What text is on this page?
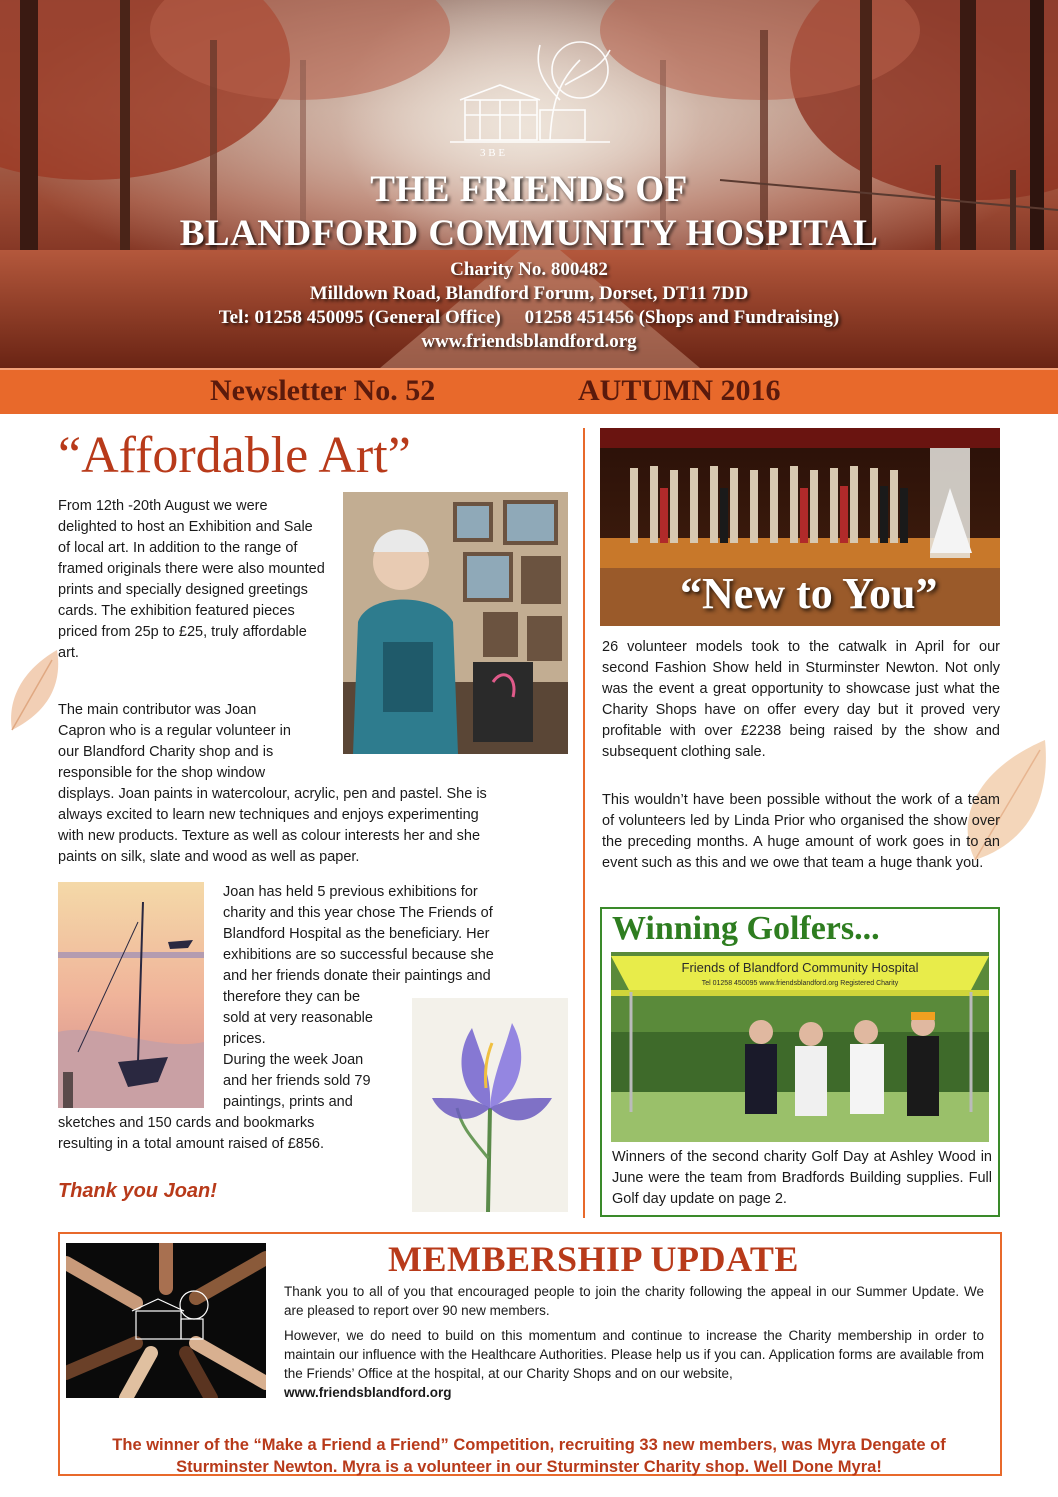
3 B E
THE FRIENDS OF
BLANDFORD COMMUNITY HOSPITAL
Charity No. 800482
Milldown Road, Blandford Forum, Dorset, DT11 7DD
Tel: 01258 450095 (General Office)     01258 451456 (Shops and Fundraising)
www.friendsblandford.org
Newsletter No. 52	AUTUMN 2016
“Affordable Art”
From 12th -20th August we were delighted to host an Exhibition and Sale of local art. In addition to the range of framed originals there were also mounted prints and specially designed greetings cards. The exhibition featured pieces priced from 25p to £25, truly affordable art.
The main contributor was Joan
Capron who is a regular volunteer in
our Blandford Charity shop and is
responsible for the shop window
displays. Joan paints in watercolour, acrylic, pen and pastel. She is
always excited to learn new techniques and enjoys experimenting
with new products. Texture as well as colour interests her and she
paints on silk, slate and wood as well as paper.
Joan has held 5 previous exhibitions for
charity and this year chose The Friends of
Blandford Hospital as the beneficiary. Her
exhibitions are so successful because she
and her friends donate their paintings and
therefore they can be
sold at very reasonable
prices.
During the week Joan
and her friends sold 79
paintings, prints and
sketches and 150 cards and bookmarks
resulting in a total amount raised of £856.
Thank you Joan!
“New to You”
26 volunteer models took to the catwalk in April for our second Fashion Show held in Sturminster Newton. Not only was the event a great opportunity to showcase just what the Charity Shops have on offer every day but it proved very profitable with over £2238 being raised by the show and subsequent clothing sale.
This wouldn’t have been possible without the work of a team of volunteers led by Linda Prior who organised the show over the preceding months. A huge amount of work goes in to an event such as this and we owe that team a huge thank you.
Winning Golfers...
Friends of Blandford Community Hospital
Tel 01258 450095 www.friendsblandford.org Registered Charity
Winners of the second charity Golf Day at Ashley Wood in June were the team from Bradfords Building supplies. Full Golf day update on page 2.
MEMBERSHIP UPDATE
Thank you to all of you that encouraged people to join the charity following the appeal in our Summer Update. We are pleased to report over 90 new members.
However, we do need to build on this momentum and continue to increase the Charity membership in order to maintain our influence with the Healthcare Authorities. Please help us if you can. Application forms are available from the Friends’ Office at the hospital, at our Charity Shops and on our website,
www.friendsblandford.org
The winner of the “Make a Friend a Friend” Competition, recruiting 33 new members, was Myra Dengate of
Sturminster Newton. Myra is a volunteer in our Sturminster Charity shop. Well Done Myra!
